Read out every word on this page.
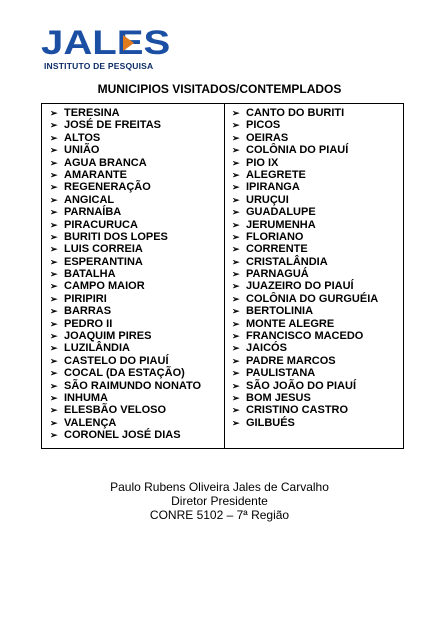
JALES
INSTITUTO DE PESQUISA
MUNICIPIOS VISITADOS/CONTEMPLADOS
➢ TERESINA
➢ JOSÉ DE FREITAS
➢ ALTOS
➢ UNIÃO
➢ AGUA BRANCA
➢ AMARANTE
➢ REGENERAÇÃO
➢ ANGICAL
➢ PARNAÍBA
➢ PIRACURUCA
➢ BURITI DOS LOPES
➢ LUIS CORREIA
➢ ESPERANTINA
➢ BATALHA
➢ CAMPO MAIOR
➢ PIRIPIRI
➢ BARRAS
➢ PEDRO II
➢ JOAQUIM PIRES
➢ LUZILÂNDIA
➢ CASTELO DO PIAUÍ
➢ COCAL (DA ESTAÇÃO)
➢ SÃO RAIMUNDO NONATO
➢ INHUMA
➢ ELESBÃO VELOSO
➢ VALENÇA
➢ CORONEL JOSÉ DIAS
➢ CANTO DO BURITI
➢ PICOS
➢ OEIRAS
➢ COLÔNIA DO PIAUÍ
➢ PIO IX
➢ ALEGRETE
➢ IPIRANGA
➢ URUÇUI
➢ GUADALUPE
➢ JERUMENHA
➢ FLORIANO
➢ CORRENTE
➢ CRISTALÂNDIA
➢ PARNAGUÁ
➢ JUAZEIRO DO PIAUÍ
➢ COLÔNIA DO GURGUÉIA
➢ BERTOLINIA
➢ MONTE ALEGRE
➢ FRANCISCO MACEDO
➢ JAICÓS
➢ PADRE MARCOS
➢ PAULISTANA
➢ SÃO JOÃO DO PIAUÍ
➢ BOM JESUS
➢ CRISTINO CASTRO
➢ GILBUÉS
Paulo Rubens Oliveira Jales de Carvalho
Diretor Presidente
CONRE 5102 – 7ª Região
